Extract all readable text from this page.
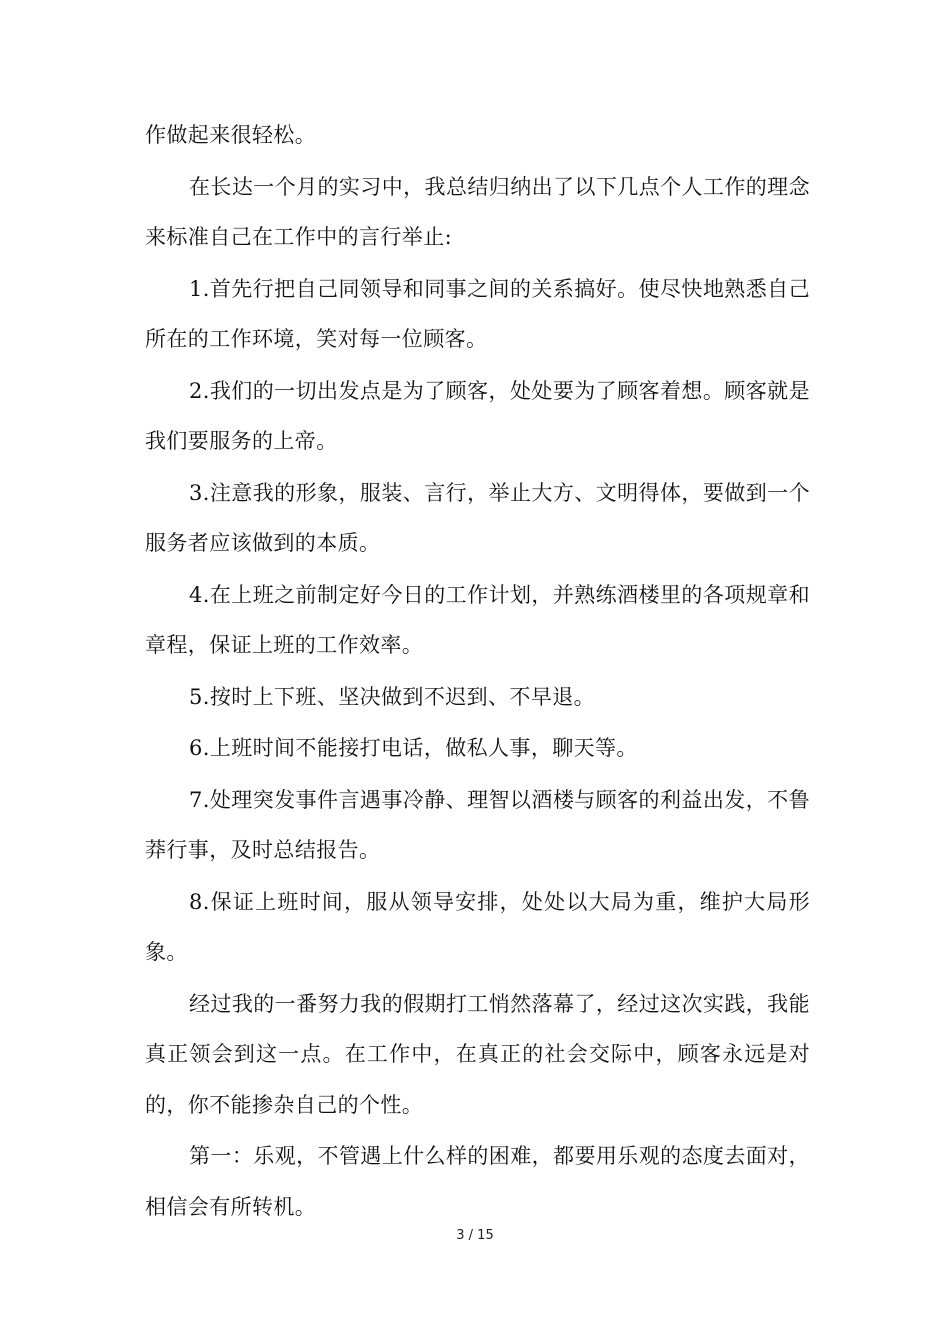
作做起来很轻松。

在长达一个月的实习中，我总结归纳出了以下几点个人工作的理念来标准自己在工作中的言行举止:

1.首先行把自己同领导和同事之间的关系搞好。使尽快地熟悉自己所在的工作环境，笑对每一位顾客。

2.我们的一切出发点是为了顾客，处处要为了顾客着想。顾客就是我们要服务的上帝。

3.注意我的形象，服装、言行，举止大方、文明得体，要做到一个服务者应该做到的本质。

4.在上班之前制定好今日的工作计划，并熟练酒楼里的各项规章和章程，保证上班的工作效率。

5.按时上下班、坚决做到不迟到、不早退。

6.上班时间不能接打电话，做私人事，聊天等。

7.处理突发事件言遇事冷静、理智以酒楼与顾客的利益出发，不鲁莽行事，及时总结报告。

8.保证上班时间，服从领导安排，处处以大局为重，维护大局形象。

经过我的一番努力我的假期打工悄然落幕了，经过这次实践，我能真正领会到这一点。在工作中，在真正的社会交际中，顾客永远是对的，你不能掺杂自己的个性。

第一：乐观，不管遇上什么样的困难，都要用乐观的态度去面对，相信会有所转机。

3 / 15
